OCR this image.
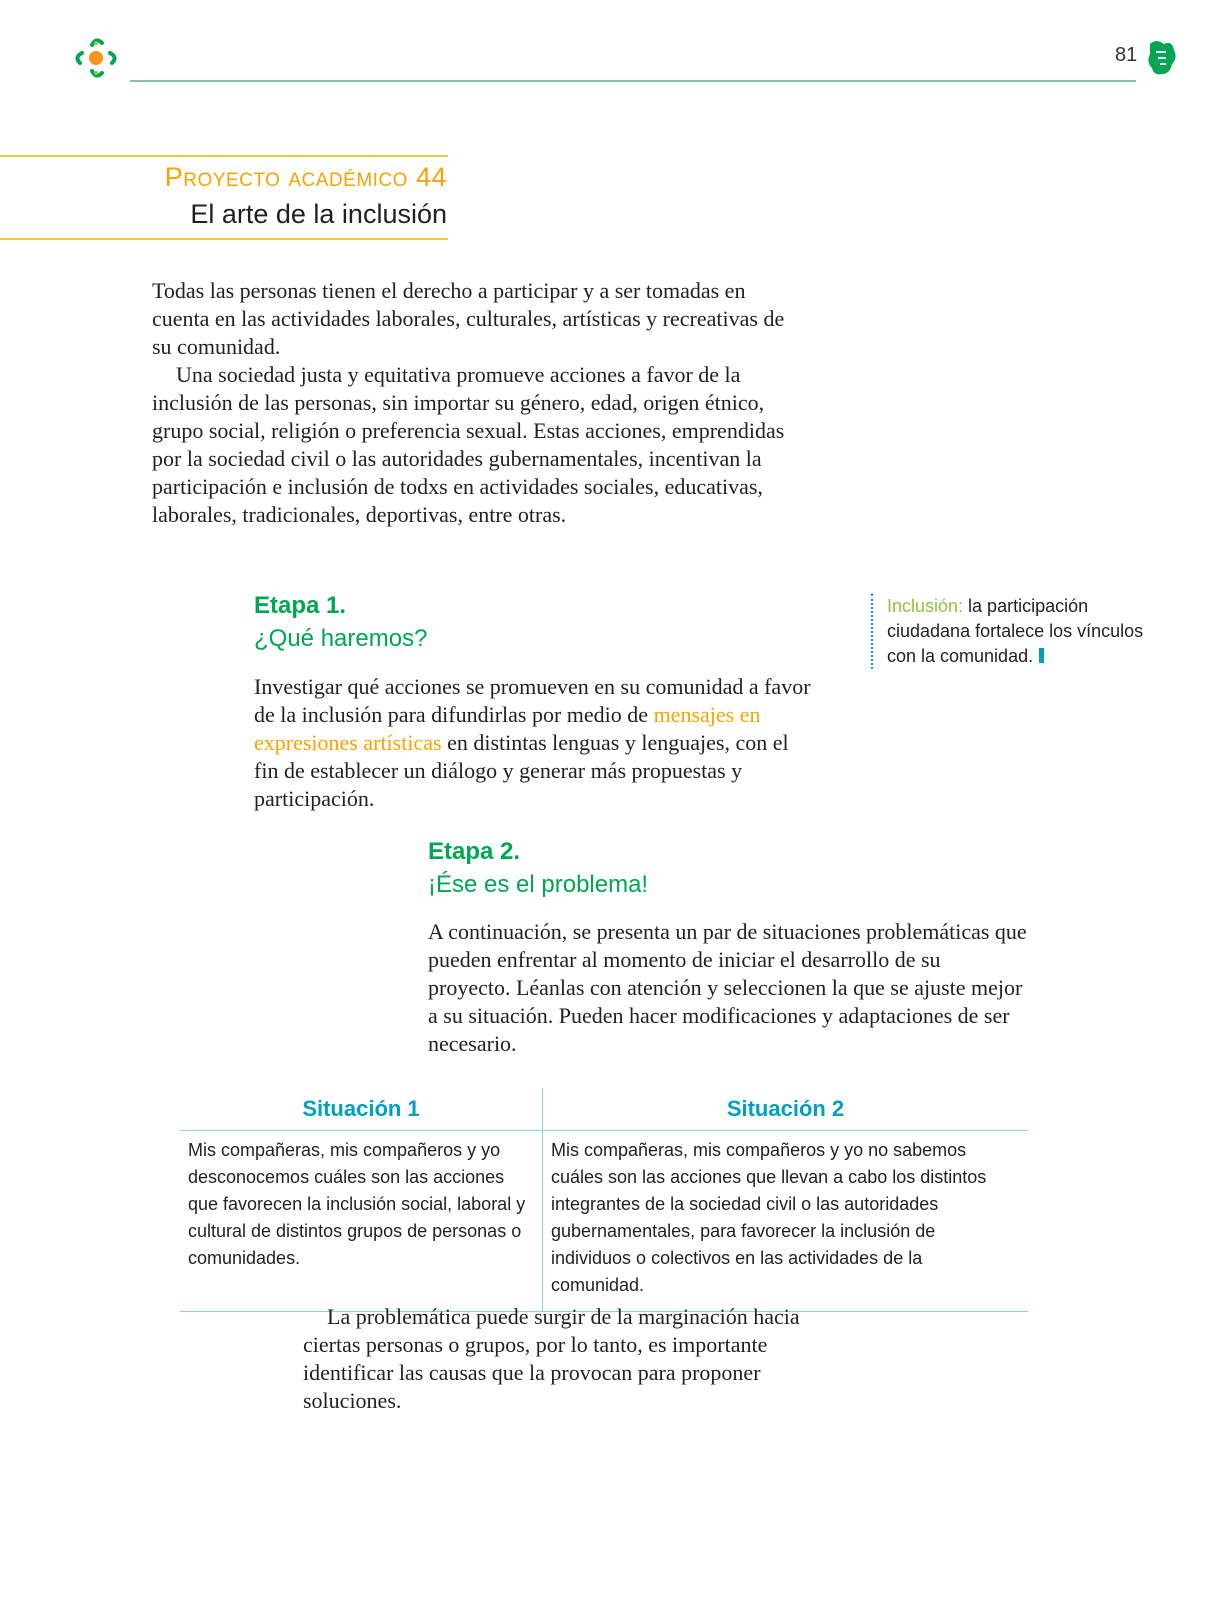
81
Proyecto académico 44
El arte de la inclusión
Todas las personas tienen el derecho a participar y a ser tomadas en cuenta en las actividades laborales, culturales, artísticas y recreativas de su comunidad.
Una sociedad justa y equitativa promueve acciones a favor de la inclusión de las personas, sin importar su género, edad, origen étnico, grupo social, religión o preferencia sexual. Estas acciones, emprendidas por la sociedad civil o las autoridades gubernamentales, incentivan la participación e inclusión de todxs en actividades sociales, educativas, laborales, tradicionales, deportivas, entre otras.
Etapa 1.
¿Qué haremos?
Investigar qué acciones se promueven en su comunidad a favor de la inclusión para difundirlas por medio de mensajes en expresiones artísticas en distintas lenguas y lenguajes, con el fin de establecer un diálogo y generar más propuestas y participación.
Inclusión: la participación ciudadana fortalece los vínculos con la comunidad.
Etapa 2.
¡Ése es el problema!
A continuación, se presenta un par de situaciones problemáticas que pueden enfrentar al momento de iniciar el desarrollo de su proyecto. Léanlas con atención y seleccionen la que se ajuste mejor a su situación. Pueden hacer modificaciones y adaptaciones de ser necesario.
Situación 1	Situación 2
Mis compañeras, mis compañeros y yo desconocemos cuáles son las acciones que favorecen la inclusión social, laboral y cultural de distintos grupos de personas o comunidades.	Mis compañeras, mis compañeros y yo no sabemos cuáles son las acciones que llevan a cabo los distintos integrantes de la sociedad civil o las autoridades gubernamentales, para favorecer la inclusión de individuos o colectivos en las actividades de la comunidad.
La problemática puede surgir de la marginación hacia ciertas personas o grupos, por lo tanto, es importante identificar las causas que la provocan para proponer soluciones.
